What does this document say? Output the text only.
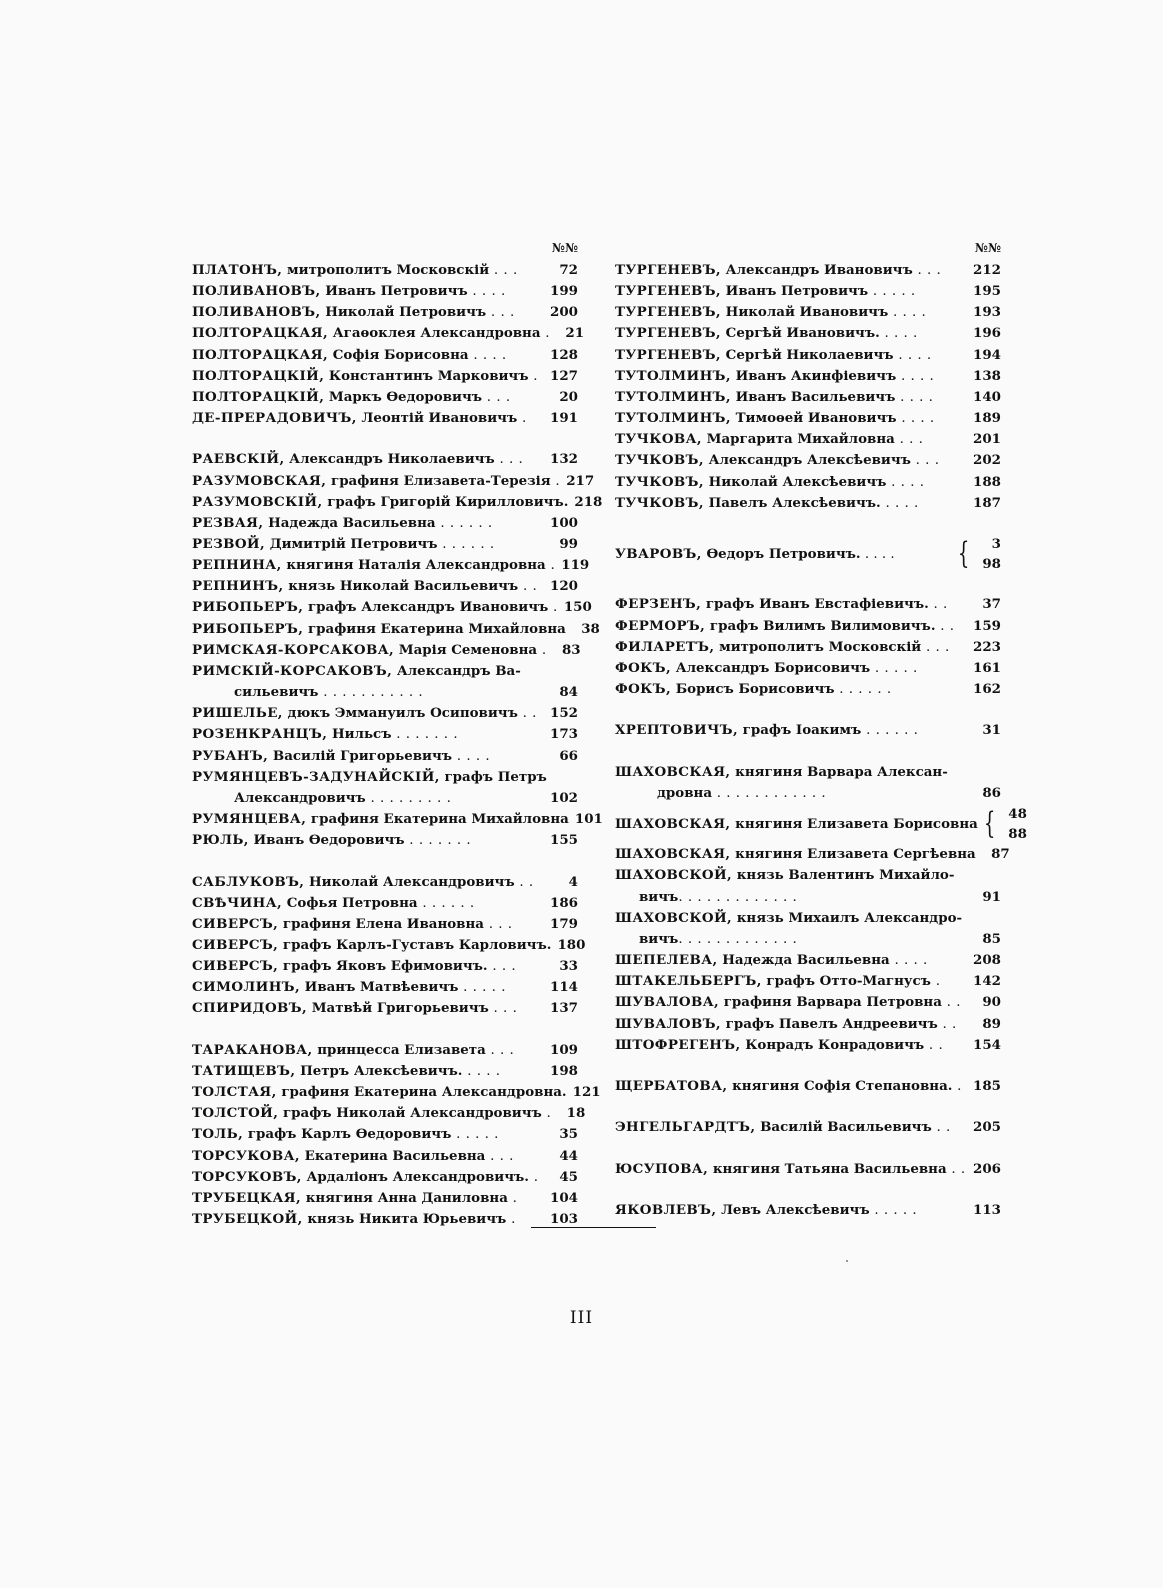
№№
ПЛАТОНЪ, митрополитъ Московскій . . .	72
ПОЛИВАНОВЪ, Иванъ Петровичъ . . . .	199
ПОЛИВАНОВЪ, Николай Петровичъ . . .	200
ПОЛТОРАЦКАЯ, Агаѳоклея Александровна .	21
ПОЛТОРАЦКАЯ, Софія Борисовна . . . .	128
ПОЛТОРАЦКІЙ, Константинъ Марковичъ . 127
ПОЛТОРАЦКІЙ, Маркъ Ѳедоровичъ . . .	20
ДЕ-ПРЕРАДОВИЧЪ, Леонтій Ивановичъ .	191
РАЕВСКІЙ, Александръ Николаевичъ . . .	132
РАЗУМОВСКАЯ, графиня Елизавета-Терезія . 217
РАЗУМОВСКІЙ, графъ Григорій Кирилловичъ. 218
РЕЗВАЯ, Надежда Васильевна . . . . . .	100
РЕЗВОЙ, Димитрій Петровичъ . . . . . .	99
РЕПНИНА, княгиня Наталія Александровна . 119
РЕПНИНЪ, князь Николай Васильевичъ . . 120
РИБОПЬЕРЪ, графъ Александръ Ивановичъ . 150
РИБОПЬЕРЪ, графиня Екатерина Михайловна	38
РИМСКАЯ-КОРСАКОВА, Марія Семеновна .	83
РИМСКІЙ-КОРСАКОВЪ, Александръ Ва-
сильевичъ . . . . . . . . . . .	84
РИШЕЛЬЕ, дюкъ Эммануилъ Осиповичъ . . 152
РОЗЕНКРАНЦЪ, Нильсъ . . . . . . .	173
РУБАНЪ, Василій Григорьевичъ . . . .	66
РУМЯНЦЕВЪ-ЗАДУНАЙСКІЙ, графъ Петръ
Александровичъ . . . . . . . . .	102
РУМЯНЦЕВА, графиня Екатерина Михайловна 101
РЮЛЬ, Иванъ Ѳедоровичъ . . . . . . .	155
САБЛУКОВЪ, Николай Александровичъ . .	4
СВѢЧИНА, Софья Петровна . . . . . .	186
СИВЕРСЪ, графиня Елена Ивановна . . .	179
СИВЕРСЪ, графъ Карлъ-Густавъ Карловичъ. 180
СИВЕРСЪ, графъ Яковъ Ефимовичъ. . . .	33
СИМОЛИНЪ, Иванъ Матвѣевичъ . . . . .	114
СПИРИДОВЪ, Матвѣй Григорьевичъ . . .	137
ТАРАКАНОВА, принцесса Елизавета . . .	109
ТАТИЩЕВЪ, Петръ Алексѣевичъ. . . . .	198
ТОЛСТАЯ, графиня Екатерина Александровна. 121
ТОЛСТОЙ, графъ Николай Александровичъ .	18
ТОЛЬ, графъ Карлъ Ѳедоровичъ . . . . .	35
ТОРСУКОВА, Екатерина Васильевна . . .	44
ТОРСУКОВЪ, Ардаліонъ Александровичъ. .	45
ТРУБЕЦКАЯ, княгиня Анна Даниловна .	104
ТРУБЕЦКОЙ, князь Никита Юрьевичъ .	103
№№
ТУРГЕНЕВЪ, Александръ Ивановичъ . . .	212
ТУРГЕНЕВЪ, Иванъ Петровичъ . . . . .	195
ТУРГЕНЕВЪ, Николай Ивановичъ . . . .	193
ТУРГЕНЕВЪ, Сергѣй Ивановичъ. . . . .	196
ТУРГЕНЕВЪ, Сергѣй Николаевичъ . . . .	194
ТУТОЛМИНЪ, Иванъ Акинфіевичъ . . . .	138
ТУТОЛМИНЪ, Иванъ Васильевичъ . . . .	140
ТУТОЛМИНЪ, Тимоѳей Ивановичъ . . . .	189
ТУЧКОВА, Маргарита Михайловна . . .	201
ТУЧКОВЪ, Александръ Алексѣевичъ . . .	202
ТУЧКОВЪ, Николай Алексѣевичъ . . . .	188
ТУЧКОВЪ, Павелъ Алексѣевичъ. . . . .	187
УВАРОВЪ, Ѳедоръ Петровичъ. . . . .	{	3
98
ФЕРЗЕНЪ, графъ Иванъ Евстафіевичъ. . .	37
ФЕРМОРЪ, графъ Вилимъ Вилимовичъ. . .	159
ФИЛАРЕТЪ, митрополитъ Московскій . . .	223
ФОКЪ, Александръ Борисовичъ . . . . .	161
ФОКЪ, Борисъ Борисовичъ . . . . . .	162
ХРЕПТОВИЧЪ, графъ Іоакимъ . . . . . .	31
ШАХОВСКАЯ, княгиня Варвара Алексан-
дровна . . . . . . . . . . . .	86
ШАХОВСКАЯ, княгиня Елизавета Борисовна { 48
88
ШАХОВСКАЯ, княгиня Елизавета Сергѣевна	87
ШАХОВСКОЙ, князь Валентинъ Михайло-
вичъ. . . . . . . . . . . . .	91
ШАХОВСКОЙ, князь Михаилъ Александро-
вичъ. . . . . . . . . . . . .	85
ШЕПЕЛЕВА, Надежда Васильевна . . . .	208
ШТАКЕЛЬБЕРГЪ, графъ Отто-Магнусъ .	142
ШУВАЛОВА, графиня Варвара Петровна . .	90
ШУВАЛОВЪ, графъ Павелъ Андреевичъ . .	89
ШТОФРЕГЕНЪ, Конрадъ Конрадовичъ . .	154
ЩЕРБАТОВА, княгиня Софія Степановна. . 185
ЭНГЕЛЬГАРДТЪ, Василій Васильевичъ . .	205
ЮСУПОВА, княгиня Татьяна Васильевна . . 206
ЯКОВЛЕВЪ, Левъ Алексѣевичъ . . . . .	113
III
